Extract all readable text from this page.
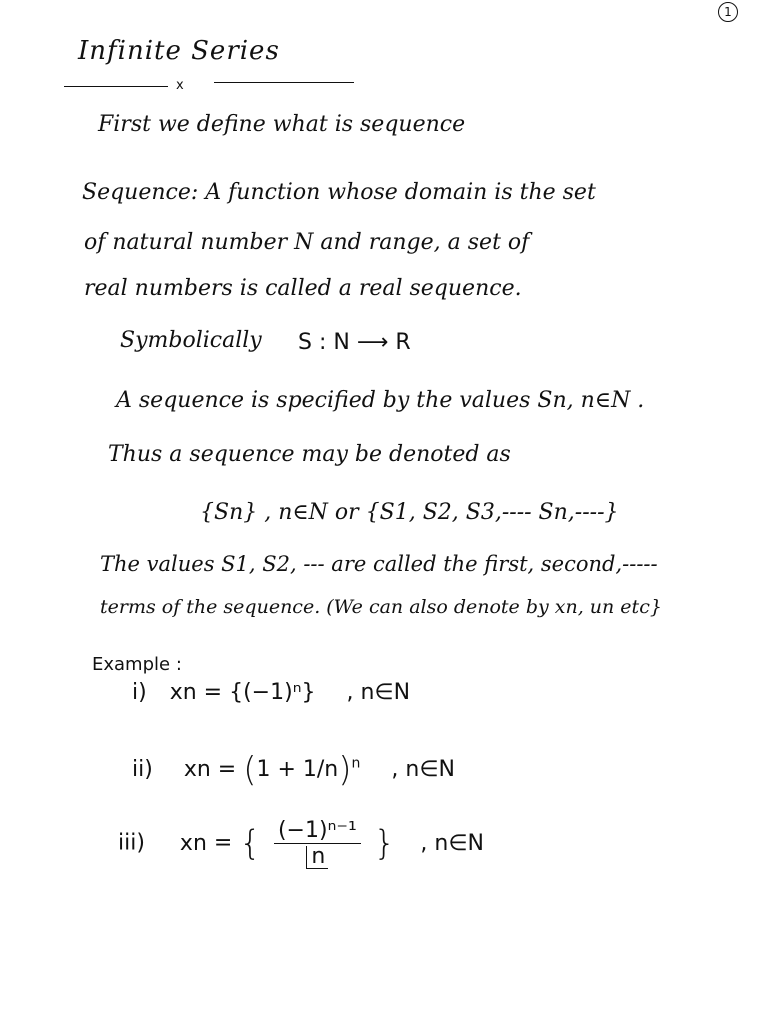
1
Infinite Series
x
First we define what is sequence
Sequence: A function whose domain is the set
of natural number N and range, a set of
real numbers is called a real sequence.
Symbolically S : N ⟶ R
A sequence is specified by the values Sn, n∈N .
Thus a sequence may be denoted as
{Sn} , n∈N or {S1, S2, S3,---- Sn,----}
The values S1, S2, --- are called the first, second,-----
terms of the sequence. (We can also denote by xn, un etc}
Example :
i) xn = {(−1)ⁿ} , n∈N
ii) xn = $(1 + 1/n)^n$ , n∈N
iii) xn = { $\frac{\text{(−1)ⁿ⁻¹}}{n}$ } , n∈N
